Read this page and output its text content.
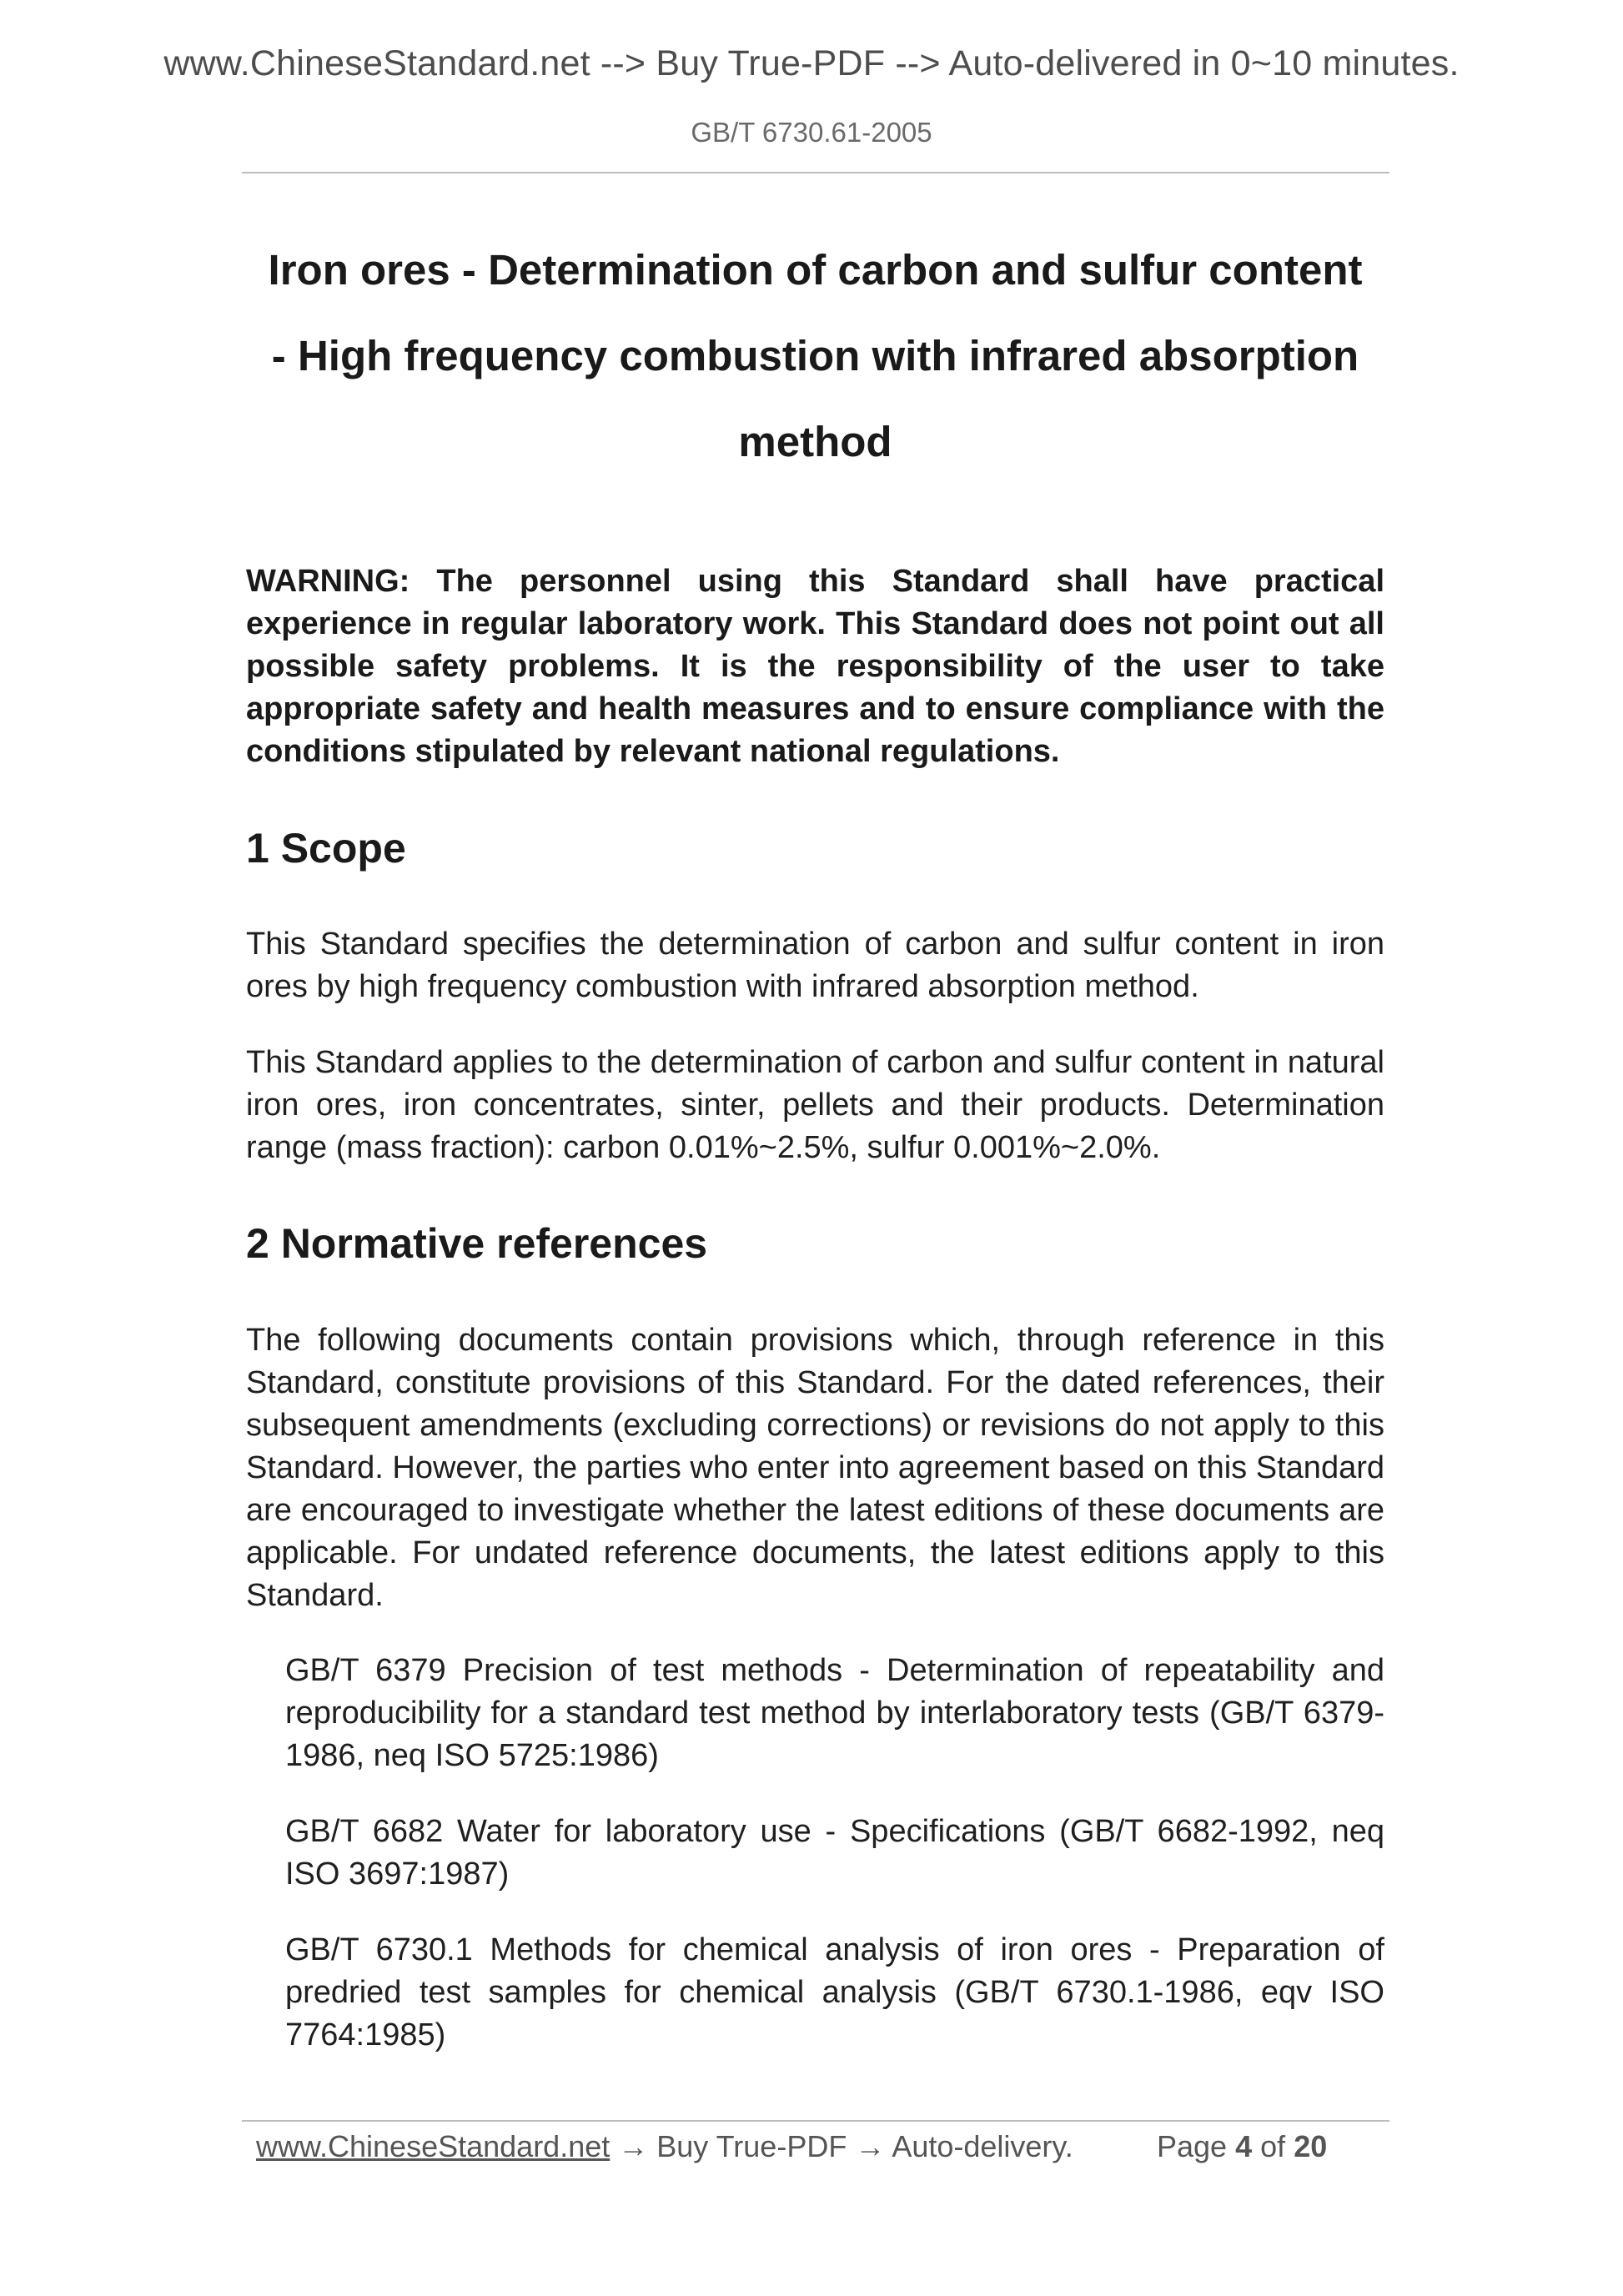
www.ChineseStandard.net --> Buy True-PDF --> Auto-delivered in 0~10 minutes.
GB/T 6730.61-2005
Iron ores - Determination of carbon and sulfur content
- High frequency combustion with infrared absorption
method
WARNING: The personnel using this Standard shall have practical experience in regular laboratory work. This Standard does not point out all possible safety problems. It is the responsibility of the user to take appropriate safety and health measures and to ensure compliance with the conditions stipulated by relevant national regulations.
1 Scope
This Standard specifies the determination of carbon and sulfur content in iron ores by high frequency combustion with infrared absorption method.
This Standard applies to the determination of carbon and sulfur content in natural iron ores, iron concentrates, sinter, pellets and their products. Determination range (mass fraction): carbon 0.01%~2.5%, sulfur 0.001%~2.0%.
2 Normative references
The following documents contain provisions which, through reference in this Standard, constitute provisions of this Standard. For the dated references, their subsequent amendments (excluding corrections) or revisions do not apply to this Standard. However, the parties who enter into agreement based on this Standard are encouraged to investigate whether the latest editions of these documents are applicable. For undated reference documents, the latest editions apply to this Standard.
GB/T 6379 Precision of test methods - Determination of repeatability and reproducibility for a standard test method by interlaboratory tests (GB/T 6379-1986, neq ISO 5725:1986)
GB/T 6682 Water for laboratory use - Specifications (GB/T 6682-1992, neq ISO 3697:1987)
GB/T 6730.1 Methods for chemical analysis of iron ores - Preparation of predried test samples for chemical analysis (GB/T 6730.1-1986, eqv ISO 7764:1985)
www.ChineseStandard.net → Buy True-PDF → Auto-delivery.	Page 4 of 20
